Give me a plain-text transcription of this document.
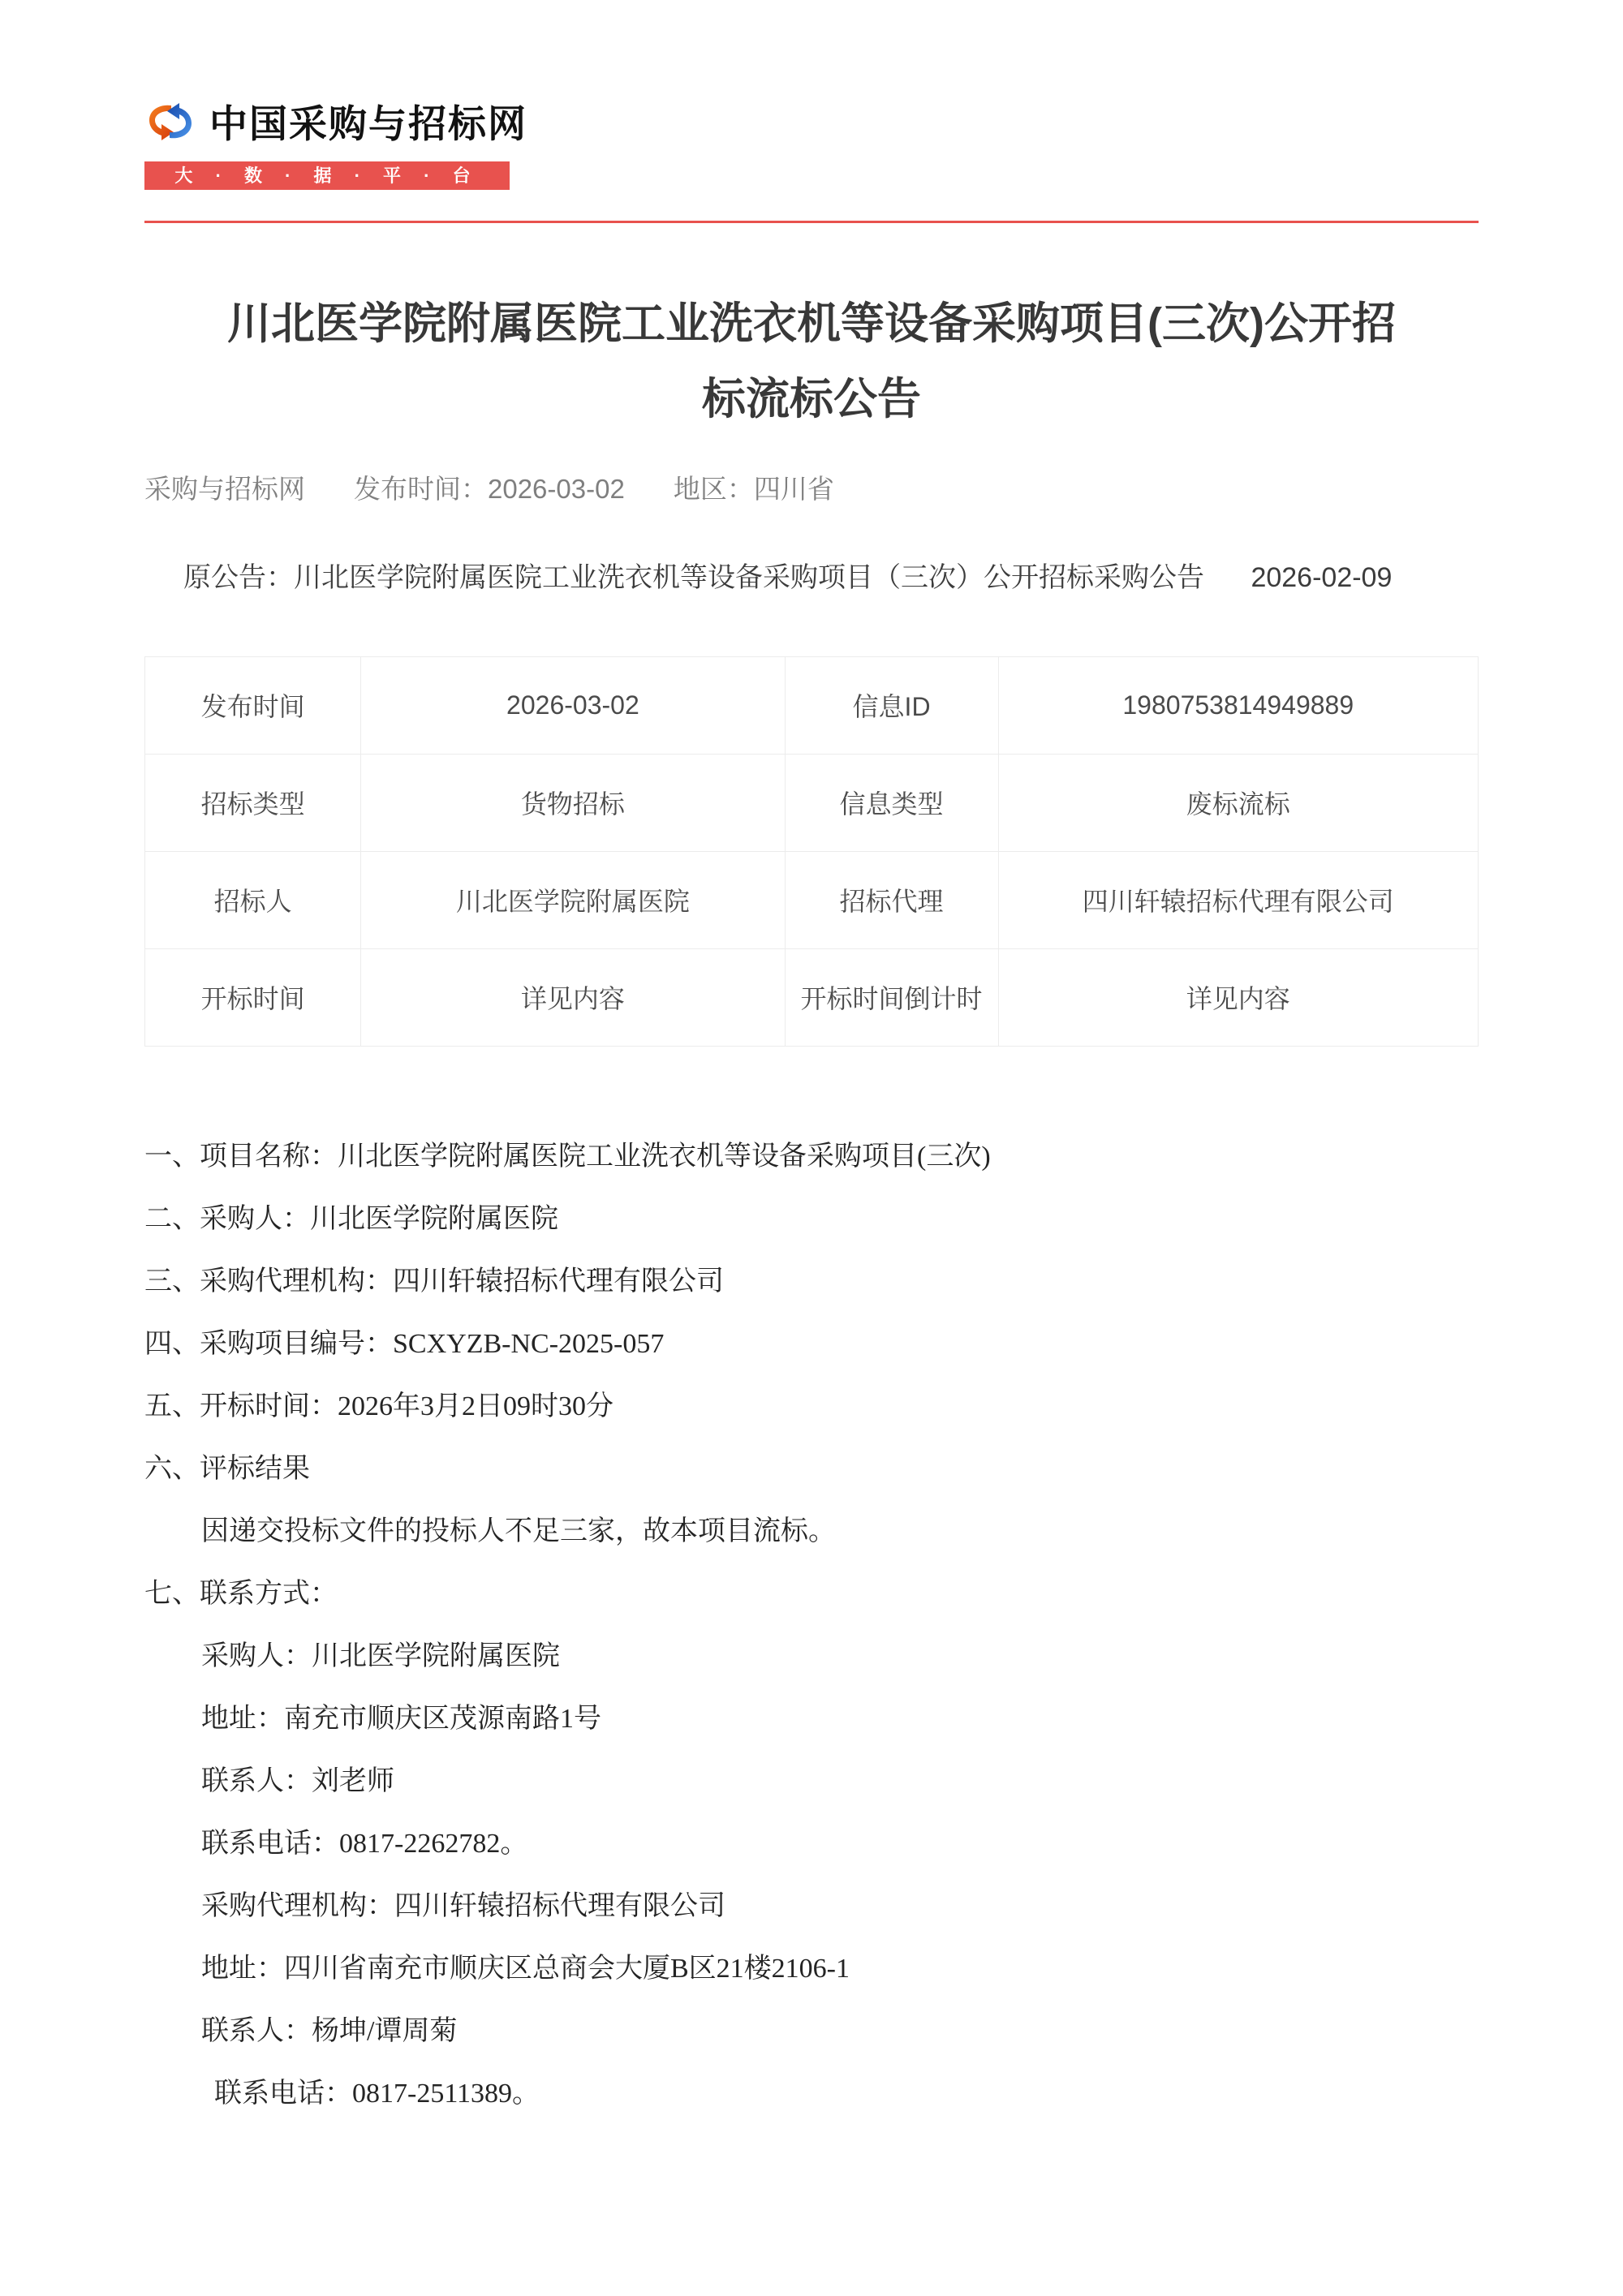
中国采购与招标网
大 · 数 · 据 · 平 · 台
川北医学院附属医院工业洗衣机等设备采购项目(三次)公开招标流标公告
采购与招标网 发布时间：2026-03-02 地区：四川省
原公告：川北医学院附属医院工业洗衣机等设备采购项目（三次）公开招标采购公告 2026-02-09
发布时间	2026-03-02	信息ID	1980753814949889
招标类型	货物招标	信息类型	废标流标
招标人	川北医学院附属医院	招标代理	四川轩辕招标代理有限公司
开标时间	详见内容	开标时间倒计时	详见内容

一、项目名称：川北医学院附属医院工业洗衣机等设备采购项目(三次)

二、采购人：川北医学院附属医院

三、采购代理机构：四川轩辕招标代理有限公司

四、采购项目编号：SCXYZB-NC-2025-057

五、开标时间：2026年3月2日09时30分

六、评标结果

因递交投标文件的投标人不足三家，故本项目流标。

七、联系方式：

采购人：川北医学院附属医院

地址：南充市顺庆区茂源南路1号

联系人：刘老师

联系电话：0817-2262782。

采购代理机构：四川轩辕招标代理有限公司

地址：四川省南充市顺庆区总商会大厦B区21楼2106-1

联系人：杨坤/谭周菊

联系电话：0817-2511389。
